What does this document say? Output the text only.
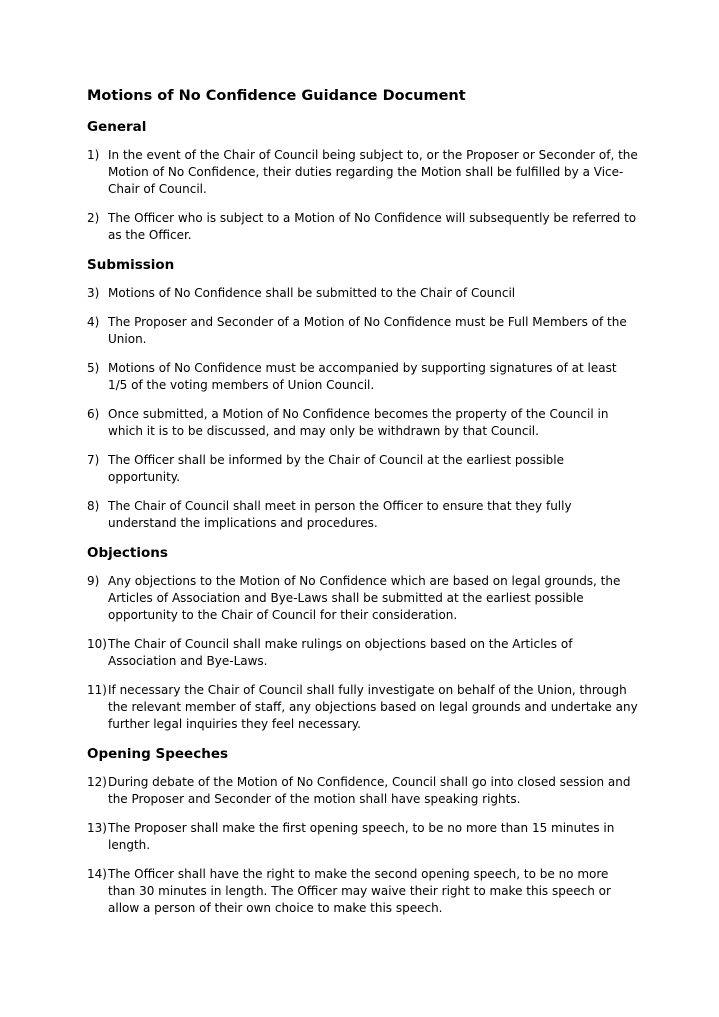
Motions of No Confidence Guidance Document
General
1) In the event of the Chair of Council being subject to, or the Proposer or Seconder of, the Motion of No Confidence, their duties regarding the Motion shall be fulfilled by a Vice-Chair of Council.
2) The Officer who is subject to a Motion of No Confidence will subsequently be referred to as the Officer.
Submission
3) Motions of No Confidence shall be submitted to the Chair of Council
4) The Proposer and Seconder of a Motion of No Confidence must be Full Members of the Union.
5) Motions of No Confidence must be accompanied by supporting signatures of at least 1/5 of the voting members of Union Council.
6) Once submitted, a Motion of No Confidence becomes the property of the Council in which it is to be discussed, and may only be withdrawn by that Council.
7) The Officer shall be informed by the Chair of Council at the earliest possible opportunity.
8) The Chair of Council shall meet in person the Officer to ensure that they fully understand the implications and procedures.
Objections
9) Any objections to the Motion of No Confidence which are based on legal grounds, the Articles of Association and Bye-Laws shall be submitted at the earliest possible opportunity to the Chair of Council for their consideration.
10) The Chair of Council shall make rulings on objections based on the Articles of Association and Bye-Laws.
11) If necessary the Chair of Council shall fully investigate on behalf of the Union, through the relevant member of staff, any objections based on legal grounds and undertake any further legal inquiries they feel necessary.
Opening Speeches
12) During debate of the Motion of No Confidence, Council shall go into closed session and the Proposer and Seconder of the motion shall have speaking rights.
13) The Proposer shall make the first opening speech, to be no more than 15 minutes in length.
14) The Officer shall have the right to make the second opening speech, to be no more than 30 minutes in length. The Officer may waive their right to make this speech or allow a person of their own choice to make this speech.
